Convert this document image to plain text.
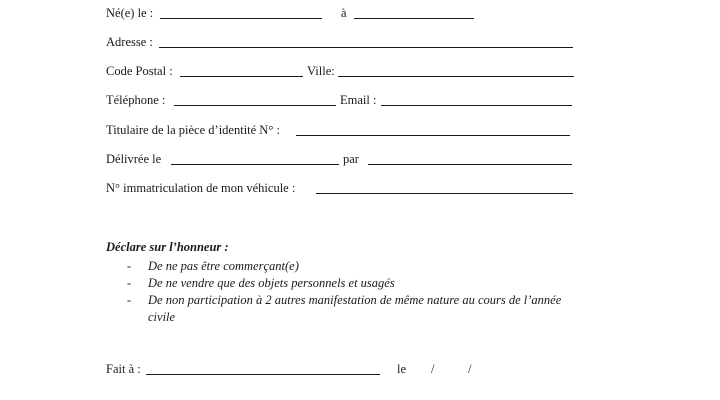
Né(e) le :	à
Adresse :
Code Postal :	Ville:
Téléphone :	Email :
Titulaire de la pièce d’identité N° :
Délivrée le	par
N° immatriculation de mon véhicule :
Déclare sur l’honneur :
- De ne pas être commerçant(e)
- De ne vendre que des objets personnels et usagés
- De non participation à 2 autres manifestation de même nature au cours de l’année
civile
Fait à :	le /	/
